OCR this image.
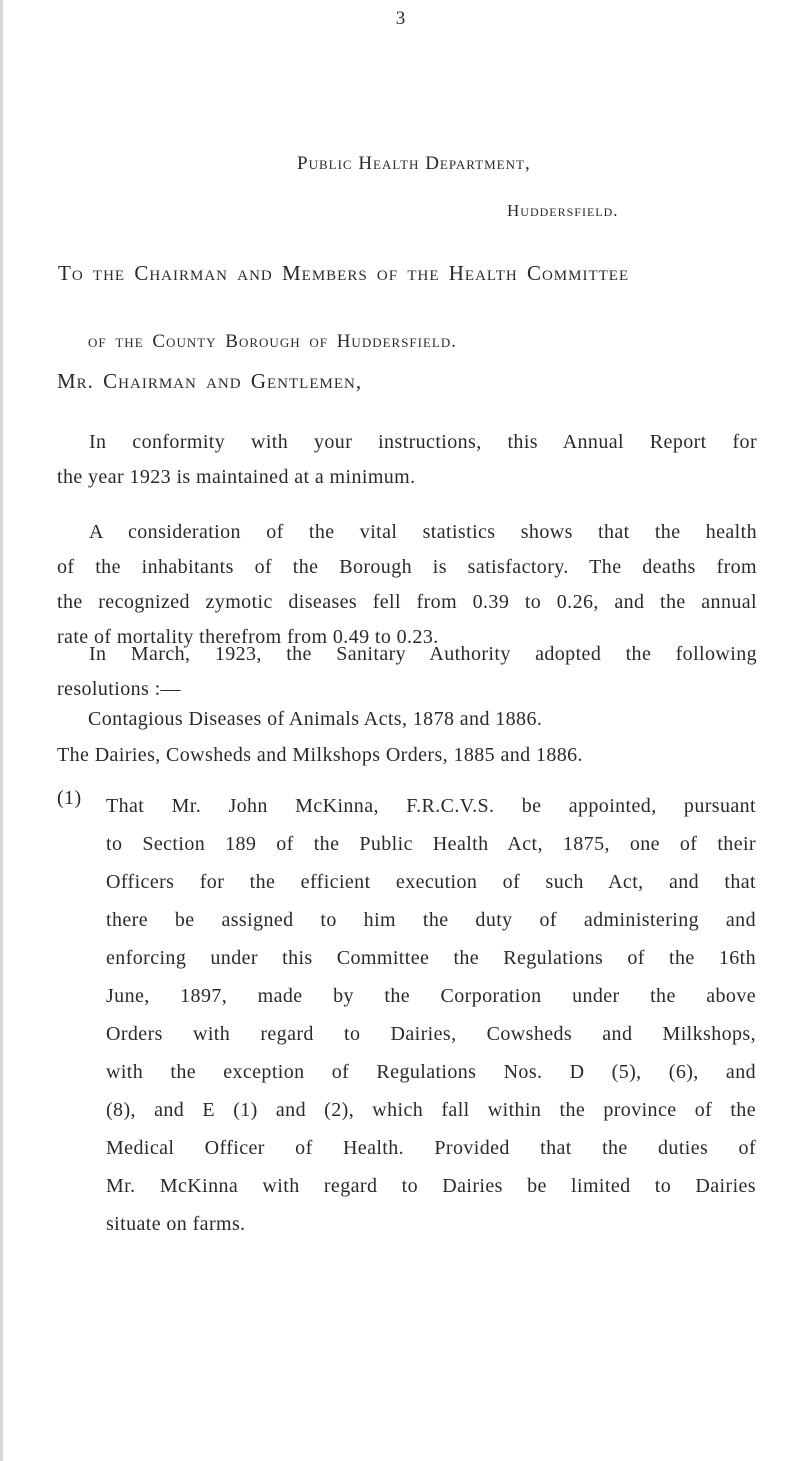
3
Public Health Department,
Huddersfield.
To the Chairman and Members of the Health Committee
of the County Borough of Huddersfield.
Mr. Chairman and Gentlemen,
In conformity with your instructions, this Annual Report for
the year 1923 is maintained at a minimum.
A consideration of the vital statistics shows that the health
of the inhabitants of the Borough is satisfactory. The deaths from
the recognized zymotic diseases fell from 0.39 to 0.26, and the annual
rate of mortality therefrom from 0.49 to 0.23.
In March, 1923, the Sanitary Authority adopted the following
resolutions :—
Contagious Diseases of Animals Acts, 1878 and 1886.
The Dairies, Cowsheds and Milkshops Orders, 1885 and 1886.
(1) That Mr. John McKinna, F.R.C.V.S. be appointed, pursuant
to Section 189 of the Public Health Act, 1875, one of their
Officers for the efficient execution of such Act, and that
there be assigned to him the duty of administering and
enforcing under this Committee the Regulations of the 16th
June, 1897, made by the Corporation under the above
Orders with regard to Dairies, Cowsheds and Milkshops,
with the exception of Regulations Nos. D (5), (6), and
(8), and E (1) and (2), which fall within the province of the
Medical Officer of Health. Provided that the duties of
Mr. McKinna with regard to Dairies be limited to Dairies
situate on farms.
